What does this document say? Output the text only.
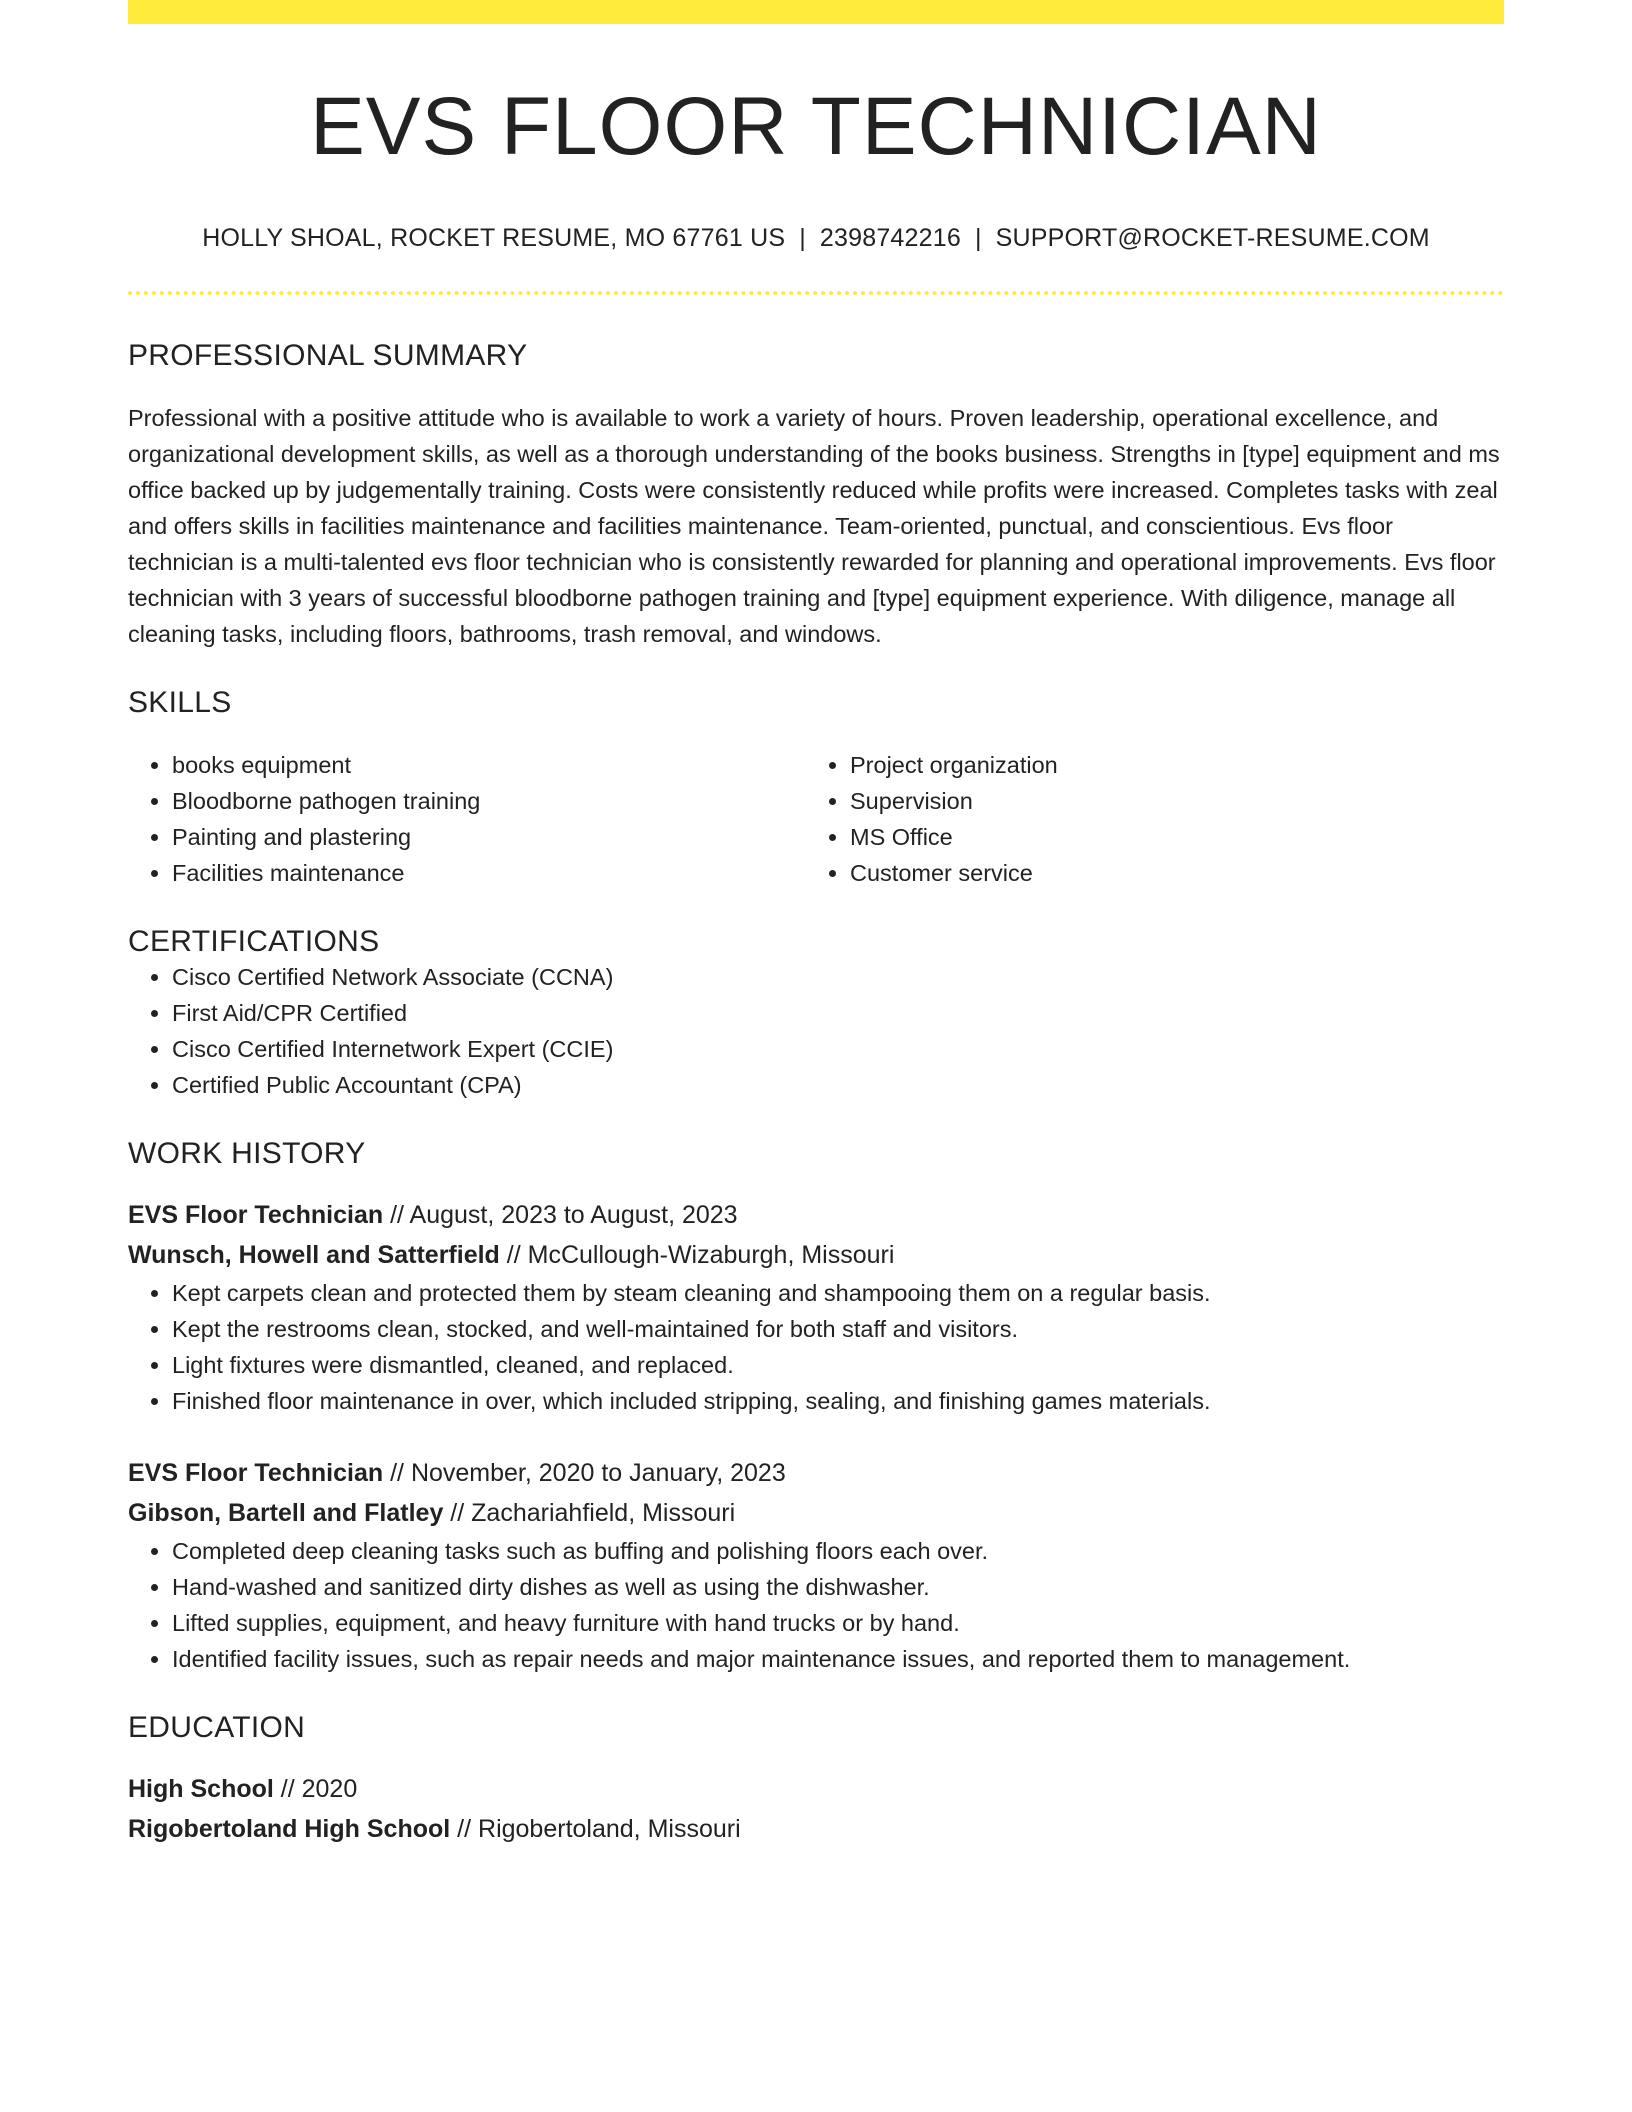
EVS FLOOR TECHNICIAN
HOLLY SHOAL, ROCKET RESUME, MO 67761 US | 2398742216 | SUPPORT@ROCKET-RESUME.COM
PROFESSIONAL SUMMARY
Professional with a positive attitude who is available to work a variety of hours. Proven leadership, operational excellence, and organizational development skills, as well as a thorough understanding of the books business. Strengths in [type] equipment and ms office backed up by judgementally training. Costs were consistently reduced while profits were increased. Completes tasks with zeal and offers skills in facilities maintenance and facilities maintenance. Team-oriented, punctual, and conscientious. Evs floor technician is a multi-talented evs floor technician who is consistently rewarded for planning and operational improvements. Evs floor technician with 3 years of successful bloodborne pathogen training and [type] equipment experience. With diligence, manage all cleaning tasks, including floors, bathrooms, trash removal, and windows.
SKILLS
• books equipment
• Bloodborne pathogen training
• Painting and plastering
• Facilities maintenance
• Project organization
• Supervision
• MS Office
• Customer service
CERTIFICATIONS
• Cisco Certified Network Associate (CCNA)
• First Aid/CPR Certified
• Cisco Certified Internetwork Expert (CCIE)
• Certified Public Accountant (CPA)
WORK HISTORY
EVS Floor Technician // August, 2023 to August, 2023
Wunsch, Howell and Satterfield // McCullough-Wizaburgh, Missouri
• Kept carpets clean and protected them by steam cleaning and shampooing them on a regular basis.
• Kept the restrooms clean, stocked, and well-maintained for both staff and visitors.
• Light fixtures were dismantled, cleaned, and replaced.
• Finished floor maintenance in over, which included stripping, sealing, and finishing games materials.
EVS Floor Technician // November, 2020 to January, 2023
Gibson, Bartell and Flatley // Zachariahfield, Missouri
• Completed deep cleaning tasks such as buffing and polishing floors each over.
• Hand-washed and sanitized dirty dishes as well as using the dishwasher.
• Lifted supplies, equipment, and heavy furniture with hand trucks or by hand.
• Identified facility issues, such as repair needs and major maintenance issues, and reported them to management.
EDUCATION
High School // 2020
Rigobertoland High School // Rigobertoland, Missouri
